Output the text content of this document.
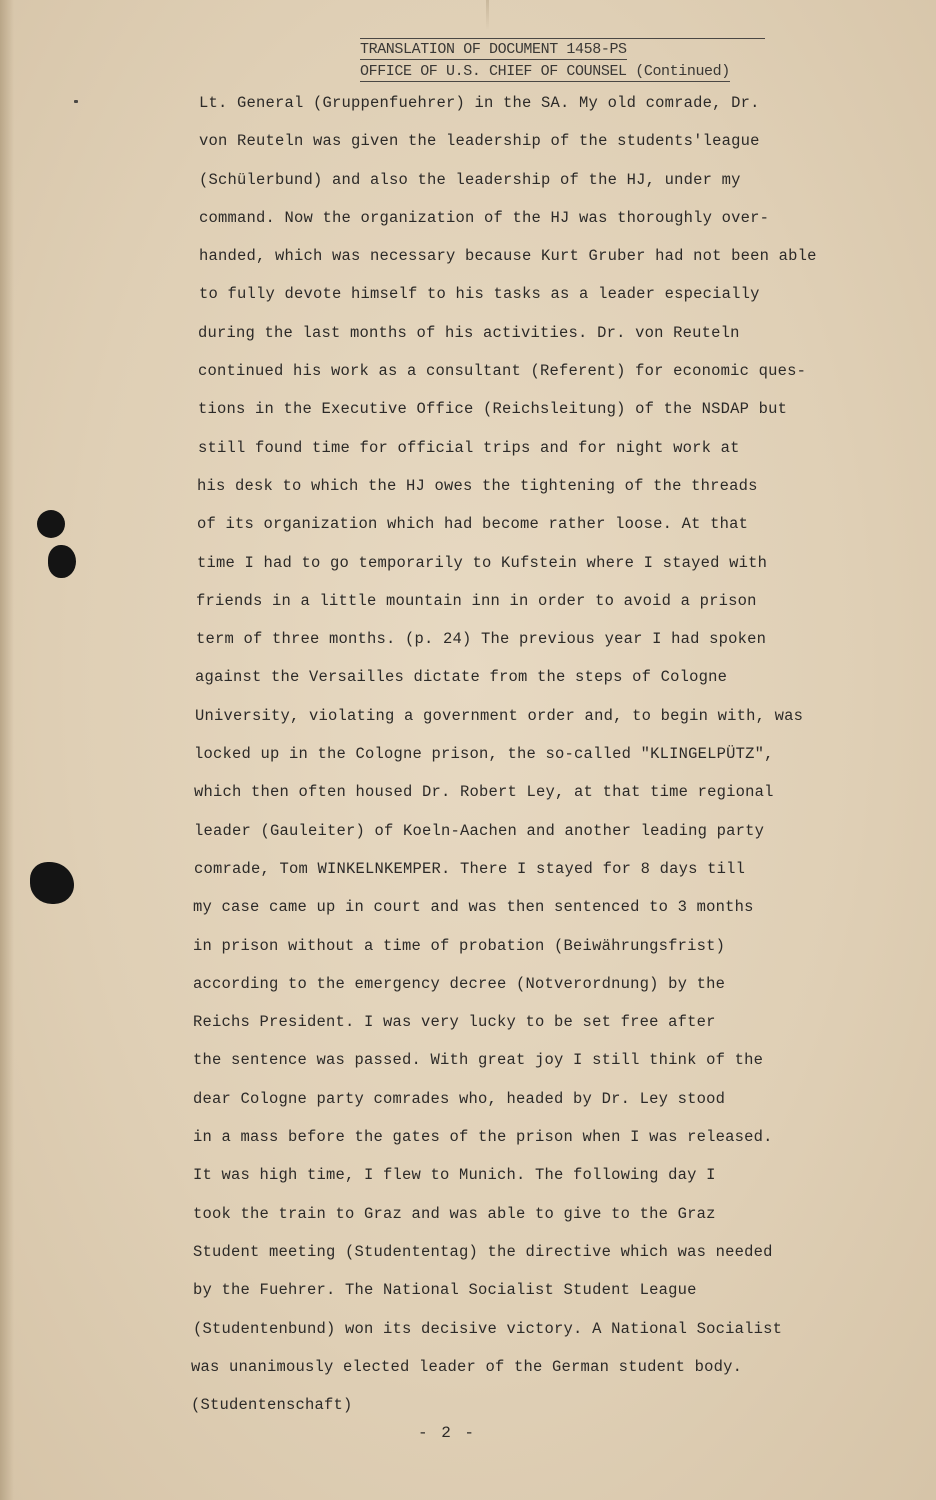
TRANSLATION OF DOCUMENT 1458-PS
OFFICE OF U.S. CHIEF OF COUNSEL (Continued)
Lt. General (Gruppenfuehrer) in the SA. My old comrade, Dr.
von Reuteln was given the leadership of the students'league
(Schülerbund) and also the leadership of the HJ, under my
command. Now the organization of the HJ was thoroughly over-
handed, which was necessary because Kurt Gruber had not been able
to fully devote himself to his tasks as a leader especially
during the last months of his activities. Dr. von Reuteln
continued his work as a consultant (Referent) for economic ques-
tions in the Executive Office (Reichsleitung) of the NSDAP but
still found time for official trips and for night work at
his desk to which the HJ owes the tightening of the threads
of its organization which had become rather loose. At that
time I had to go temporarily to Kufstein where I stayed with
friends in a little mountain inn in order to avoid a prison
term of three months. (p. 24) The previous year I had spoken
against the Versailles dictate from the steps of Cologne
University, violating a government order and, to begin with, was
locked up in the Cologne prison, the so-called "KLINGELPÜTZ",
which then often housed Dr. Robert Ley, at that time regional
leader (Gauleiter) of Koeln-Aachen and another leading party
comrade, Tom WINKELNKEMPER. There I stayed for 8 days till
my case came up in court and was then sentenced to 3 months
in prison without a time of probation (Beiwährungsfrist)
according to the emergency decree (Notverordnung) by the
Reichs President. I was very lucky to be set free after
the sentence was passed. With great joy I still think of the
dear Cologne party comrades who, headed by Dr. Ley stood
in a mass before the gates of the prison when I was released.
It was high time, I flew to Munich. The following day I
took the train to Graz and was able to give to the Graz
Student meeting (Studententag) the directive which was needed
by the Fuehrer. The National Socialist Student League
(Studentenbund) won its decisive victory. A National Socialist
was unanimously elected leader of the German student body.
(Studentenschaft)
- 2 -
